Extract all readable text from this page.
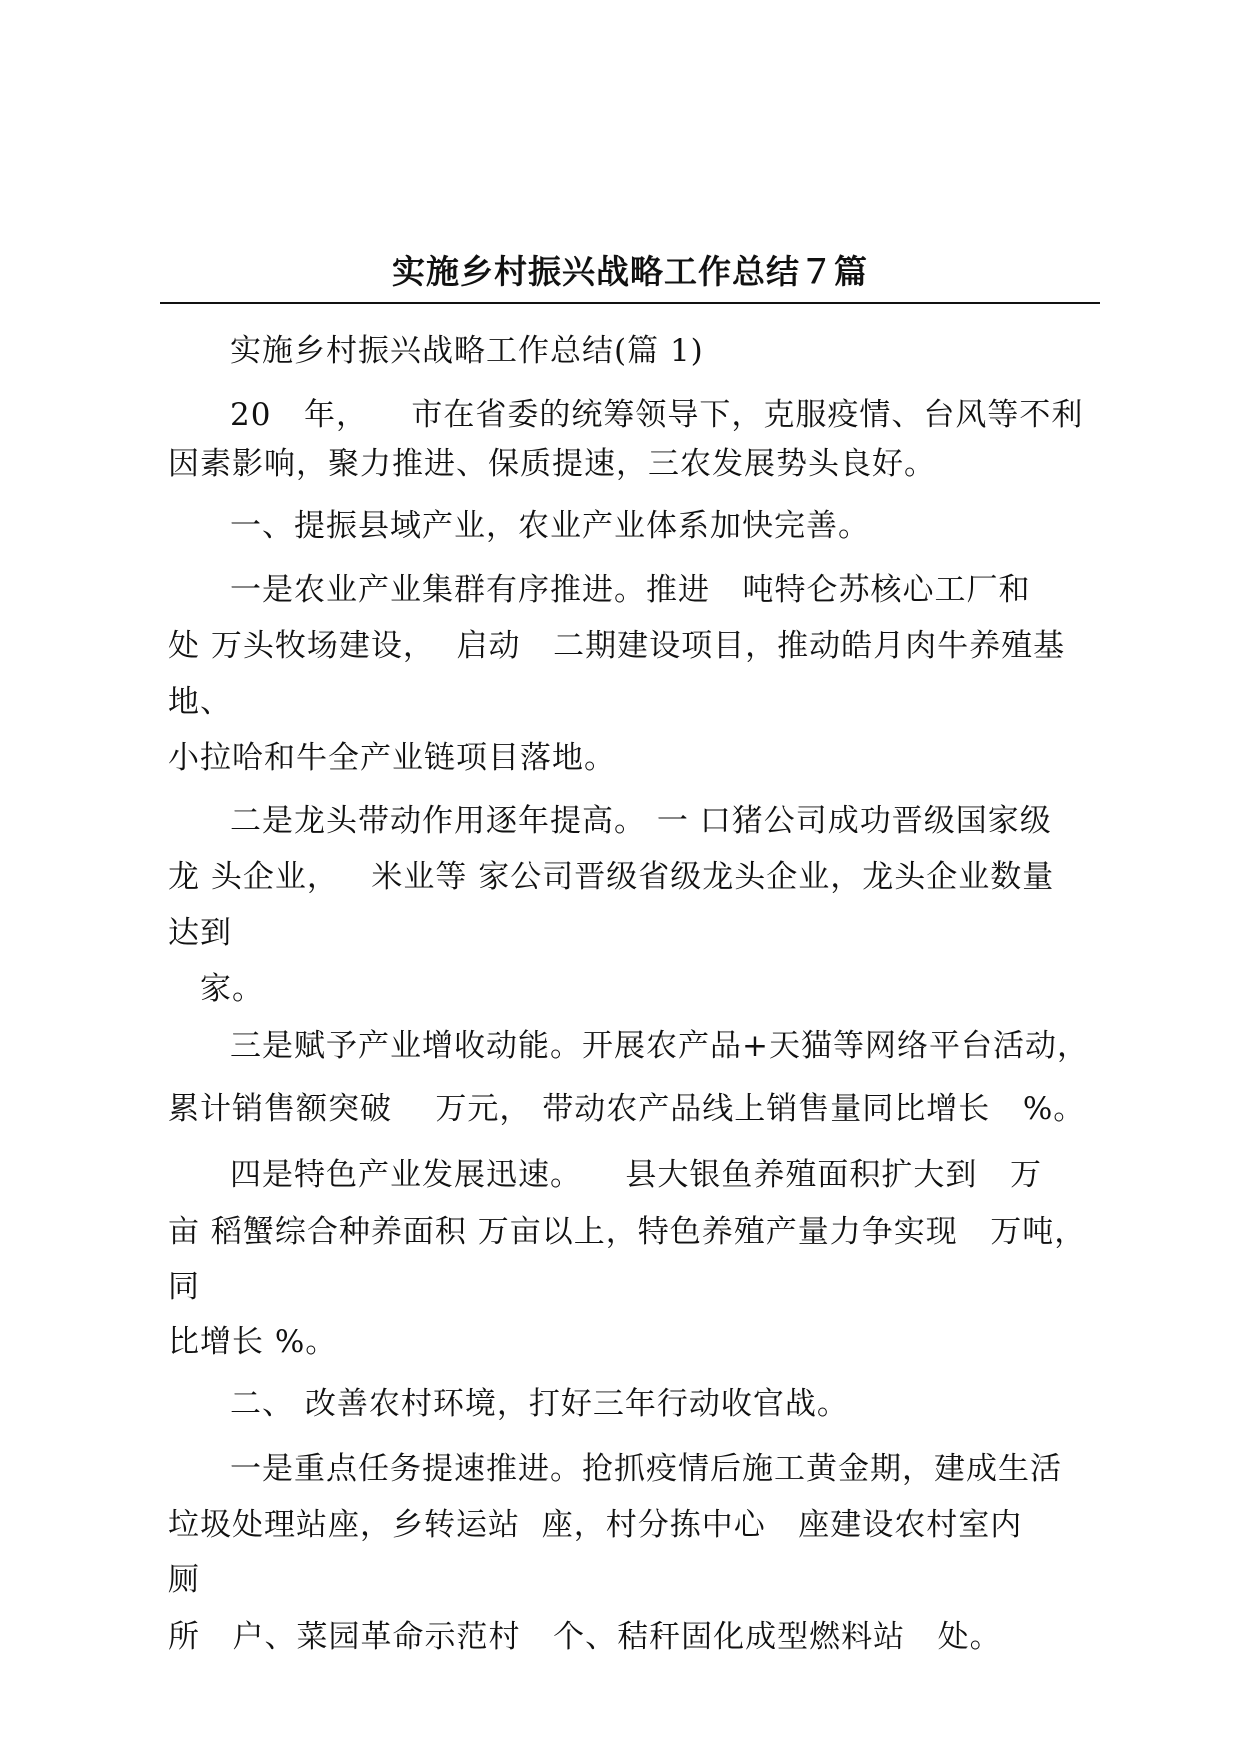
实施乡村振兴战略工作总结７篇

实施乡村振兴战略工作总结(篇 1)

20   年，    市在省委的统筹领导下，克服疫情、台风等不利

因素影响，聚力推进、保质提速，三农发展势头良好。

一、提振县域产业，农业产业体系加快完善。

一是农业产业集群有序推进。推进   吨特仑苏核心工厂和

处 万头牧场建设，  启动   二期建设项目，推动皓月肉牛养殖基

地、

小拉哈和牛全产业链项目落地。

二是龙头带动作用逐年提高。 一 口猪公司成功晋级国家级

龙 头企业，   米业等 家公司晋级省级龙头企业，龙头企业数量

达到

家。

三是赋予产业增收动能。开展农产品+天猫等网络平台活动，

累计销售额突破    万元， 带动农产品线上销售量同比增长   %。

四是特色产业发展迅速。    县大银鱼养殖面积扩大到   万

亩 稻蟹综合种养面积 万亩以上，特色养殖产量力争实现   万吨，

同

比增长 %。

二、 改善农村环境，打好三年行动收官战。

一是重点任务提速推进。抢抓疫情后施工黄金期，建成生活

垃圾处理站座，乡转运站  座，村分拣中心   座建设农村室内

厕

所   户、菜园革命示范村   个、秸秆固化成型燃料站   处。
